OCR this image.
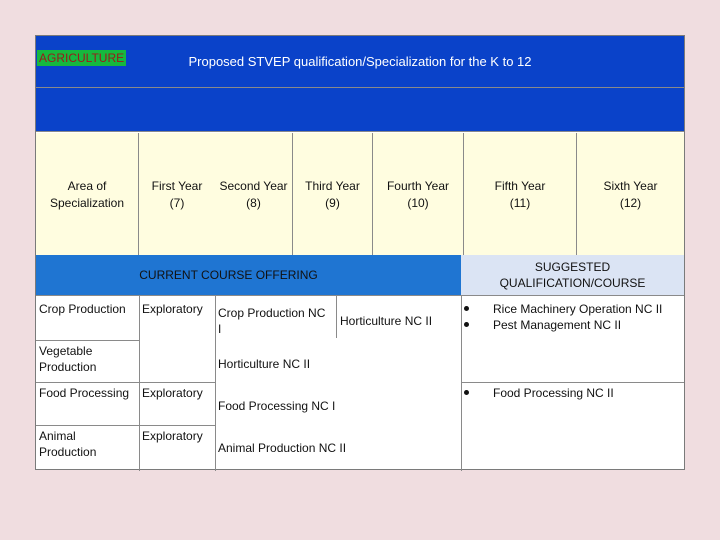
Proposed STVEP qualification/Specialization for the K to 12
AGRICULTURE
Area of
Specialization
First Year
(7)
Second Year
(8)
Third Year
(9)
Fourth Year
(10)
Fifth Year
(11)
Sixth Year
(12)
CURRENT COURSE OFFERING
SUGGESTED
QUALIFICATION/COURSE
Crop Production Exploratory Crop Production NC
I
Horticulture NC II
Vegetable
Production	Horticulture NC II
Food Processing Exploratory
Food Processing NC I
Animal
Production
Exploratory
Animal Production NC II
Rice Machinery Operation NC II
Pest Management NC II
Food Processing NC II
